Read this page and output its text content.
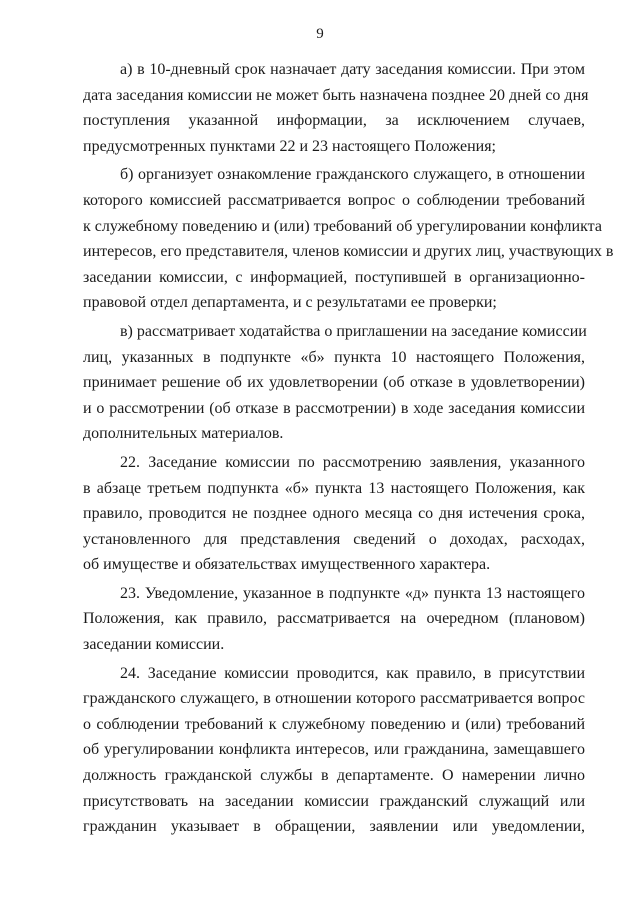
9
а) в 10-дневный срок назначает дату заседания комиссии. При этом
дата заседания комиссии не может быть назначена позднее 20 дней со дня
поступления указанной информации, за исключением случаев,
предусмотренных пунктами 22 и 23 настоящего Положения;
б) организует ознакомление гражданского служащего, в отношении
которого комиссией рассматривается вопрос о соблюдении требований
к служебному поведению и (или) требований об урегулировании конфликта
интересов, его представителя, членов комиссии и других лиц, участвующих в
заседании комиссии, с информацией, поступившей в организационно-
правовой отдел департамента, и с результатами ее проверки;
в) рассматривает ходатайства о приглашении на заседание комиссии
лиц, указанных в подпункте «б» пункта 10 настоящего Положения,
принимает решение об их удовлетворении (об отказе в удовлетворении)
и о рассмотрении (об отказе в рассмотрении) в ходе заседания комиссии
дополнительных материалов.
22. Заседание комиссии по рассмотрению заявления, указанного
в абзаце третьем подпункта «б» пункта 13 настоящего Положения, как
правило, проводится не позднее одного месяца со дня истечения срока,
установленного для представления сведений о доходах, расходах,
об имуществе и обязательствах имущественного характера.
23. Уведомление, указанное в подпункте «д» пункта 13 настоящего
Положения, как правило, рассматривается на очередном (плановом)
заседании комиссии.
24. Заседание комиссии проводится, как правило, в присутствии
гражданского служащего, в отношении которого рассматривается вопрос
о соблюдении требований к служебному поведению и (или) требований
об урегулировании конфликта интересов, или гражданина, замещавшего
должность гражданской службы в департаменте. О намерении лично
присутствовать на заседании комиссии гражданский служащий или
гражданин указывает в обращении, заявлении или уведомлении,
